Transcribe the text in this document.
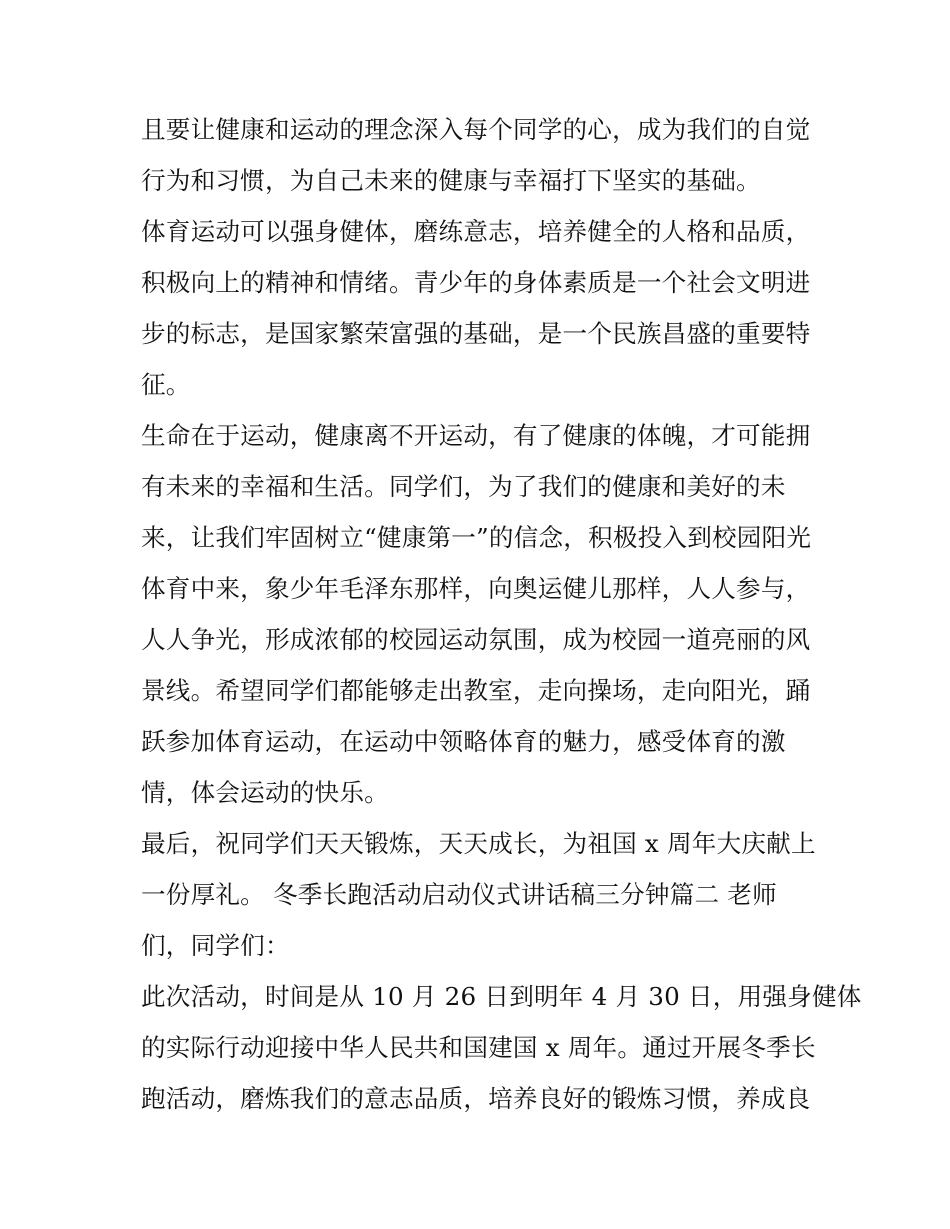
且要让健康和运动的理念深入每个同学的心，成为我们的自觉
行为和习惯，为自己未来的健康与幸福打下坚实的基础。
体育运动可以强身健体，磨练意志，培养健全的人格和品质，
积极向上的精神和情绪。青少年的身体素质是一个社会文明进
步的标志，是国家繁荣富强的基础，是一个民族昌盛的重要特
征。
生命在于运动，健康离不开运动，有了健康的体魄，才可能拥
有未来的幸福和生活。同学们，为了我们的健康和美好的未
来，让我们牢固树立“健康第一”的信念，积极投入到校园阳光
体育中来，象少年毛泽东那样，向奥运健儿那样，人人参与，
人人争光，形成浓郁的校园运动氛围，成为校园一道亮丽的风
景线。希望同学们都能够走出教室，走向操场，走向阳光，踊
跃参加体育运动，在运动中领略体育的魅力，感受体育的激
情，体会运动的快乐。
最后，祝同学们天天锻炼，天天成长，为祖国 x 周年大庆献上
一份厚礼。 冬季长跑活动启动仪式讲话稿三分钟篇二 老师
们，同学们：
此次活动，时间是从 10 月 26 日到明年 4 月 30 日，用强身健体
的实际行动迎接中华人民共和国建国 x 周年。通过开展冬季长
跑活动，磨炼我们的意志品质，培养良好的锻炼习惯，养成良
